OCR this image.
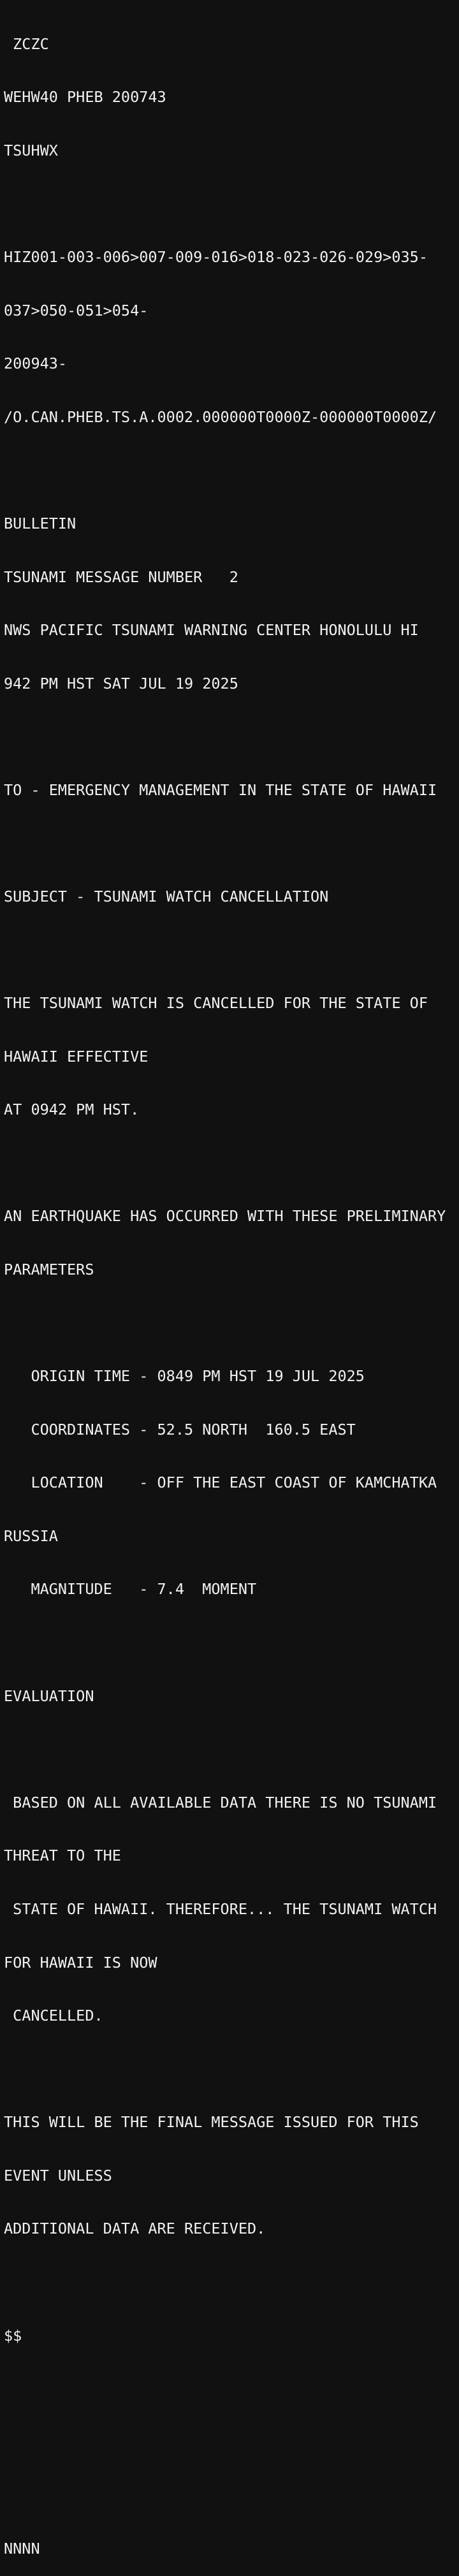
ZCZC

WEHW40 PHEB 200743

TSUHWX

HIZ001-003-006>007-009-016>018-023-026-029>035-

037>050-051>054-

200943-

/O.CAN.PHEB.TS.A.0002.000000T0000Z-000000T0000Z/

BULLETIN

TSUNAMI MESSAGE NUMBER   2

NWS PACIFIC TSUNAMI WARNING CENTER HONOLULU HI

942 PM HST SAT JUL 19 2025

TO - EMERGENCY MANAGEMENT IN THE STATE OF HAWAII

SUBJECT - TSUNAMI WATCH CANCELLATION

THE TSUNAMI WATCH IS CANCELLED FOR THE STATE OF

HAWAII EFFECTIVE

AT 0942 PM HST.

AN EARTHQUAKE HAS OCCURRED WITH THESE PRELIMINARY

PARAMETERS

ORIGIN TIME - 0849 PM HST 19 JUL 2025

COORDINATES - 52.5 NORTH  160.5 EAST

LOCATION    - OFF THE EAST COAST OF KAMCHATKA

RUSSIA

MAGNITUDE   - 7.4  MOMENT

EVALUATION

BASED ON ALL AVAILABLE DATA THERE IS NO TSUNAMI

THREAT TO THE

STATE OF HAWAII. THEREFORE... THE TSUNAMI WATCH

FOR HAWAII IS NOW

CANCELLED.

THIS WILL BE THE FINAL MESSAGE ISSUED FOR THIS

EVENT UNLESS

ADDITIONAL DATA ARE RECEIVED.

$$

NNNN
